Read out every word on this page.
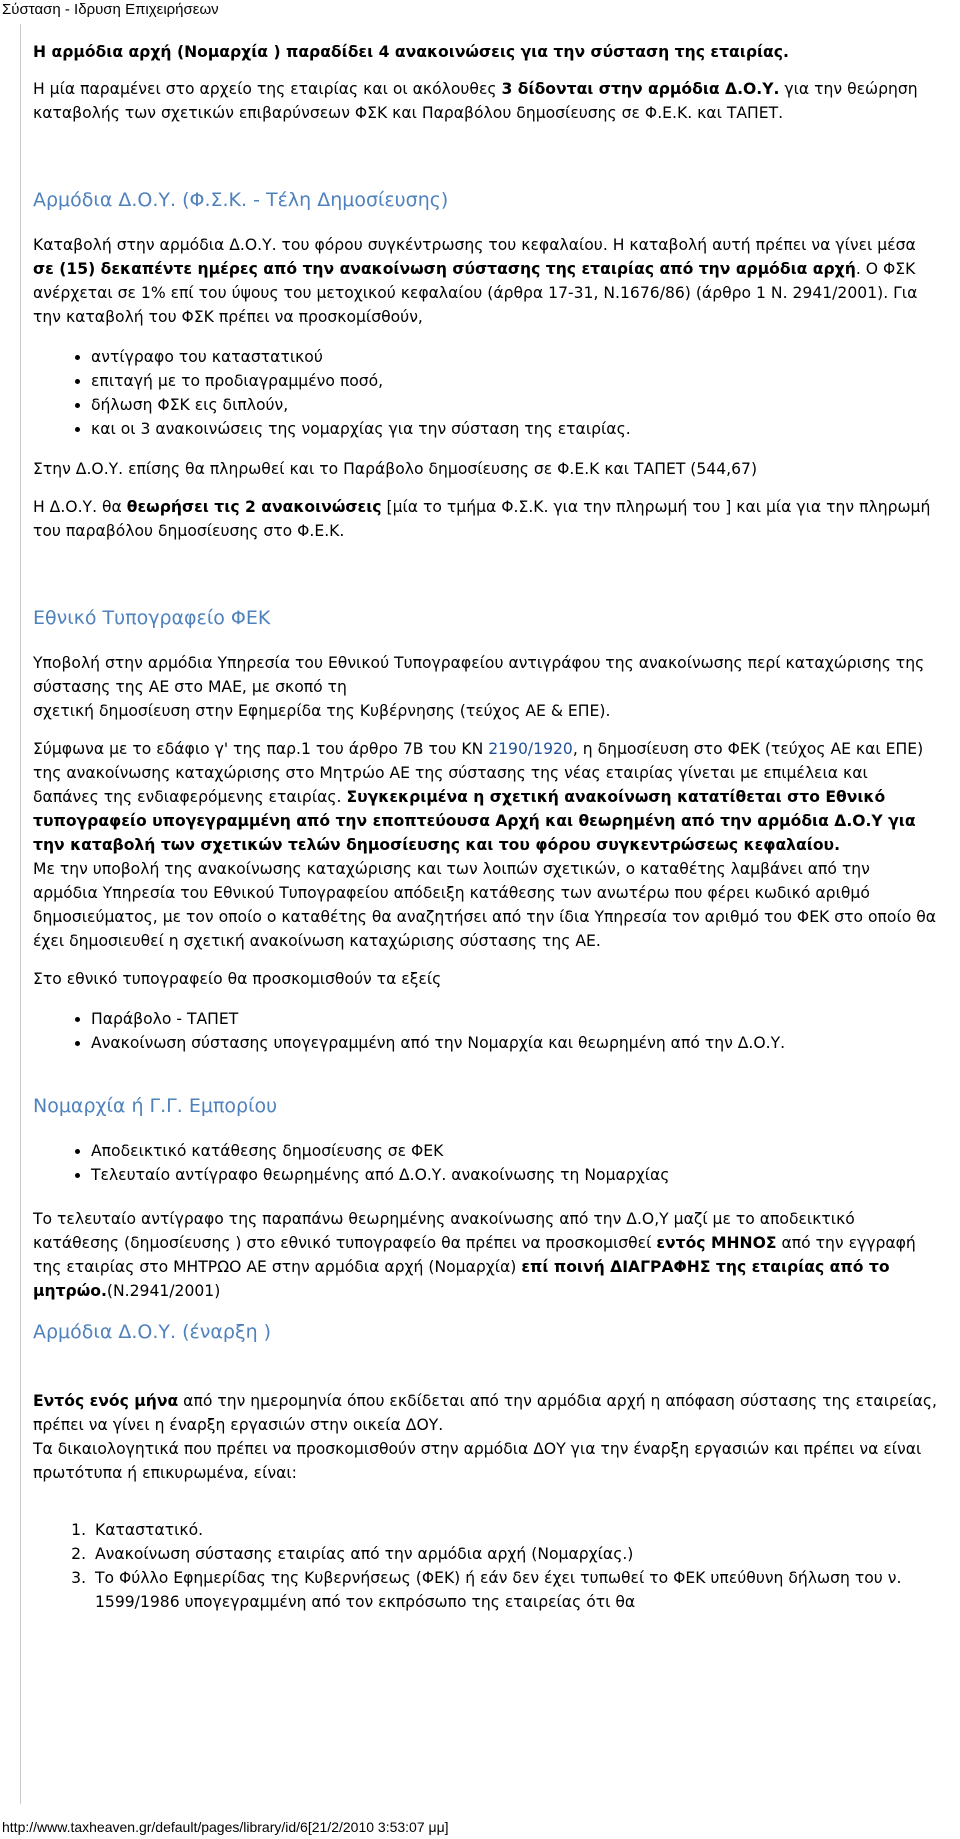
Σύσταση - Ιδρυση Επιχειρήσεων

Η αρμόδια αρχή (Νομαρχία ) παραδίδει 4 ανακοινώσεις για την σύσταση της εταιρίας.

Η μία παραμένει στο αρχείο της εταιρίας και οι ακόλουθες 3 δίδονται στην αρμόδια Δ.Ο.Υ. για την θεώρηση καταβολής των σχετικών επιβαρύνσεων ΦΣΚ και Παραβόλου δημοσίευσης σε Φ.Ε.Κ. και ΤΑΠΕΤ.

Αρμόδια Δ.Ο.Υ. (Φ.Σ.Κ. - Τέλη Δημοσίευσης)

Καταβολή στην αρμόδια Δ.Ο.Υ. του φόρου συγκέντρωσης του κεφαλαίου. Η καταβολή αυτή πρέπει να γίνει μέσα σε (15) δεκαπέντε ημέρες από την ανακοίνωση σύστασης της εταιρίας από την αρμόδια αρχή. Ο ΦΣΚ ανέρχεται σε 1% επί του ύψους του μετοχικού κεφαλαίου (άρθρα 17-31, Ν.1676/86) (άρθρο 1 Ν. 2941/2001). Για την καταβολή του ΦΣΚ πρέπει να προσκομίσθούν,

• αντίγραφο του καταστατικού
• επιταγή με το προδιαγραμμένο ποσό,
• δήλωση ΦΣΚ εις διπλούν,
• και οι 3 ανακοινώσεις της νομαρχίας για την σύσταση της εταιρίας.

Στην Δ.Ο.Υ. επίσης θα πληρωθεί και το Παράβολο δημοσίευσης σε Φ.Ε.Κ και ΤΑΠΕΤ (544,67)

Η Δ.Ο.Υ. θα θεωρήσει τις 2 ανακοινώσεις [μία το τμήμα Φ.Σ.Κ. για την πληρωμή του ] και μία για την πληρωμή του παραβόλου δημοσίευσης στο Φ.Ε.Κ.

Εθνικό Τυπογραφείο ΦΕΚ

Υποβολή στην αρμόδια Υπηρεσία του Εθνικού Τυπογραφείου αντιγράφου της ανακοίνωσης περί καταχώρισης της σύστασης της ΑΕ στο ΜΑΕ, με σκοπό τη
σχετική δημοσίευση στην Εφημερίδα της Κυβέρνησης (τεύχος ΑΕ & ΕΠΕ).

Σύμφωνα με το εδάφιο γ' της παρ.1 του άρθρο 7Β του ΚΝ 2190/1920, η δημοσίευση στο ΦΕΚ (τεύχος ΑΕ και ΕΠΕ) της ανακοίνωσης καταχώρισης στο Μητρώο ΑΕ της σύστασης της νέας εταιρίας γίνεται με επιμέλεια και δαπάνες της ενδιαφερόμενης εταιρίας. Συγκεκριμένα η σχετική ανακοίνωση κατατίθεται στο Εθνικό τυπογραφείο υπογεγραμμένη από την εποπτεύουσα Αρχή και θεωρημένη από την αρμόδια Δ.Ο.Υ για την καταβολή των σχετικών τελών δημοσίευσης και του φόρου συγκεντρώσεως κεφαλαίου.
Με την υποβολή της ανακοίνωσης καταχώρισης και των λοιπών σχετικών, ο καταθέτης λαμβάνει από την αρμόδια Υπηρεσία του Εθνικού Τυπογραφείου απόδειξη κατάθεσης των ανωτέρω που φέρει κωδικό αριθμό δημοσιεύματος, με τον οποίο ο καταθέτης θα αναζητήσει από την ίδια Υπηρεσία τον αριθμό του ΦΕΚ στο οποίο θα έχει δημοσιευθεί η σχετική ανακοίνωση καταχώρισης σύστασης της ΑΕ.

Στο εθνικό τυπογραφείο θα προσκομισθούν τα εξείς

• Παράβολο - ΤΑΠΕΤ
• Ανακοίνωση σύστασης υπογεγραμμένη από την Νομαρχία και θεωρημένη από την Δ.Ο.Υ.
Νομαρχία ή Γ.Γ. Εμπορίου
• Αποδεικτικό κατάθεσης δημοσίευσης σε ΦΕΚ
• Τελευταίο αντίγραφο θεωρημένης από Δ.Ο.Υ. ανακοίνωσης τη Νομαρχίας

Το τελευταίο αντίγραφο της παραπάνω θεωρημένης ανακοίνωσης από την Δ.Ο,Υ μαζί με το αποδεικτικό κατάθεσης (δημοσίευσης ) στο εθνικό τυπογραφείο θα πρέπει να προσκομισθεί εντός ΜΗΝΟΣ από την εγγραφή της εταιρίας στο ΜΗΤΡΩΟ ΑΕ στην αρμόδια αρχή (Νομαρχία) επί ποινή ΔΙΑΓΡΑΦΗΣ της εταιρίας από το μητρώο.(Ν.2941/2001)

Αρμόδια Δ.Ο.Υ. (έναρξη )

Εντός ενός μήνα από την ημερομηνία όπου εκδίδεται από την αρμόδια αρχή η απόφαση σύστασης της εταιρείας, πρέπει να γίνει η έναρξη εργασιών στην οικεία ΔΟΥ.
Τα δικαιολογητικά που πρέπει να προσκομισθούν στην αρμόδια ΔΟΥ για την έναρξη εργασιών και πρέπει να είναι πρωτότυπα ή επικυρωμένα, είναι:

1. Καταστατικό.
2. Ανακοίνωση σύστασης εταιρίας από την αρμόδια αρχή (Νομαρχίας.)
3. Το Φύλλο Εφημερίδας της Κυβερνήσεως (ΦΕΚ) ή εάν δεν έχει τυπωθεί το ΦΕΚ υπεύθυνη δήλωση του ν. 1599/1986 υπογεγραμμένη από τον εκπρόσωπο της εταιρείας ότι θα
http://www.taxheaven.gr/default/pages/library/id/6[21/2/2010 3:53:07 μμ]
